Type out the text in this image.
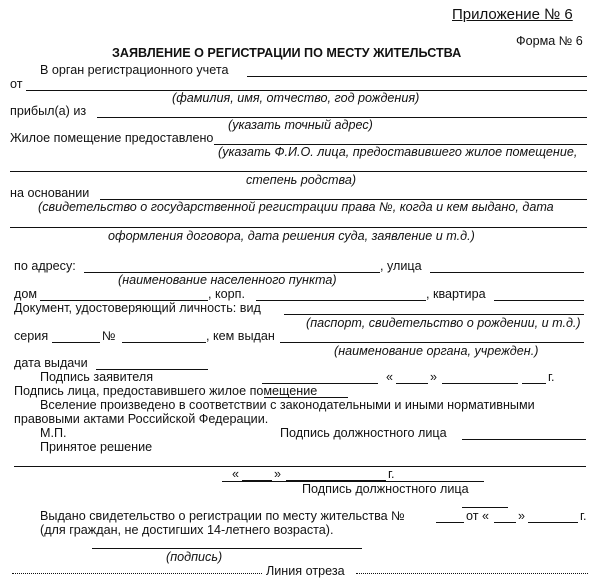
Приложение № 6
Форма № 6
ЗАЯВЛЕНИЕ О РЕГИСТРАЦИИ ПО МЕСТУ ЖИТЕЛЬСТВА
В орган регистрационного учета
от
(фамилия, имя, отчество, год рождения)
прибыл(а) из
(указать точный адрес)
Жилое помещение предоставлено
(указать Ф.И.О. лица, предоставившего жилое помещение,
степень родства)
на основании
(свидетельство о государственной регистрации права №, когда и кем выдано, дата
оформления договора, дата решения суда, заявление и т.д.)
по адресу:	, улица
(наименование населенного пункта)
дом	, корп.	, квартира
Документ, удостоверяющий личность: вид
(паспорт, свидетельство о рождении, и т.д.)
серия	№	, кем выдан
(наименование органа, учрежден.)
дата выдачи
Подпись заявителя	«	»	г.
Подпись лица, предоставившего жилое помещение
Вселение произведено в соответствии с законодательными и иными нормативными
правовыми актами Российской Федерации.
М.П.	Подпись должностного лица
Принятое решение
«	»	г.
Подпись должностного лица
Выдано свидетельство о регистрации по месту жительства №	от « »	г.
(для граждан, не достигших 14-летнего возраста).
(подпись)
Линия отреза
